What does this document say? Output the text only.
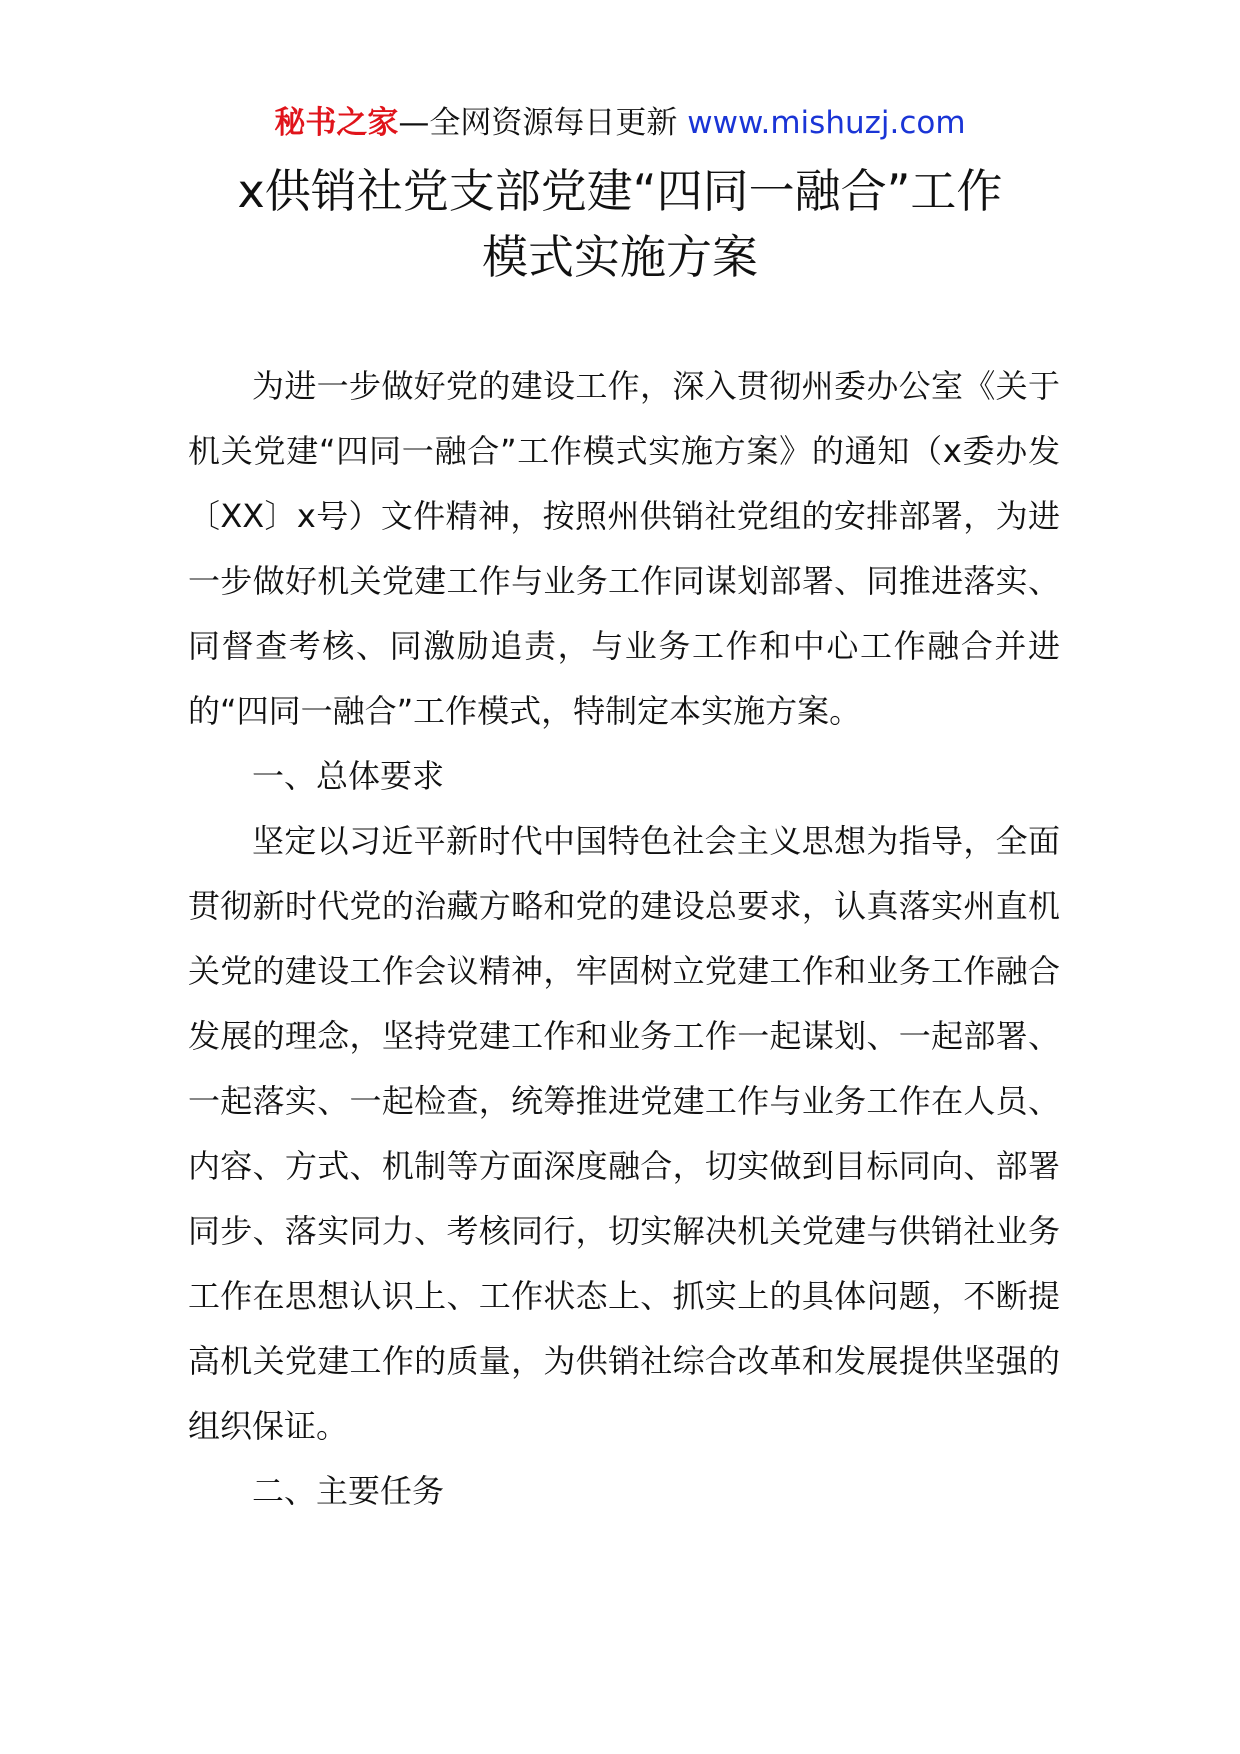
秘书之家—全网资源每日更新 www.mishuzj.com
x供销社党支部党建“四同一融合”工作
模式实施方案

为进一步做好党的建设工作，深入贯彻州委办公室《关于机关党建“四同一融合”工作模式实施方案》的通知（x委办发〔XX〕x号）文件精神，按照州供销社党组的安排部署，为进一步做好机关党建工作与业务工作同谋划部署、同推进落实、同督查考核、同激励追责，与业务工作和中心工作融合并进的“四同一融合”工作模式，特制定本实施方案。

一、总体要求

坚定以习近平新时代中国特色社会主义思想为指导，全面贯彻新时代党的治藏方略和党的建设总要求，认真落实州直机关党的建设工作会议精神，牢固树立党建工作和业务工作融合发展的理念，坚持党建工作和业务工作一起谋划、一起部署、一起落实、一起检查，统筹推进党建工作与业务工作在人员、内容、方式、机制等方面深度融合，切实做到目标同向、部署同步、落实同力、考核同行，切实解决机关党建与供销社业务工作在思想认识上、工作状态上、抓实上的具体问题，不断提高机关党建工作的质量，为供销社综合改革和发展提供坚强的组织保证。

二、主要任务
